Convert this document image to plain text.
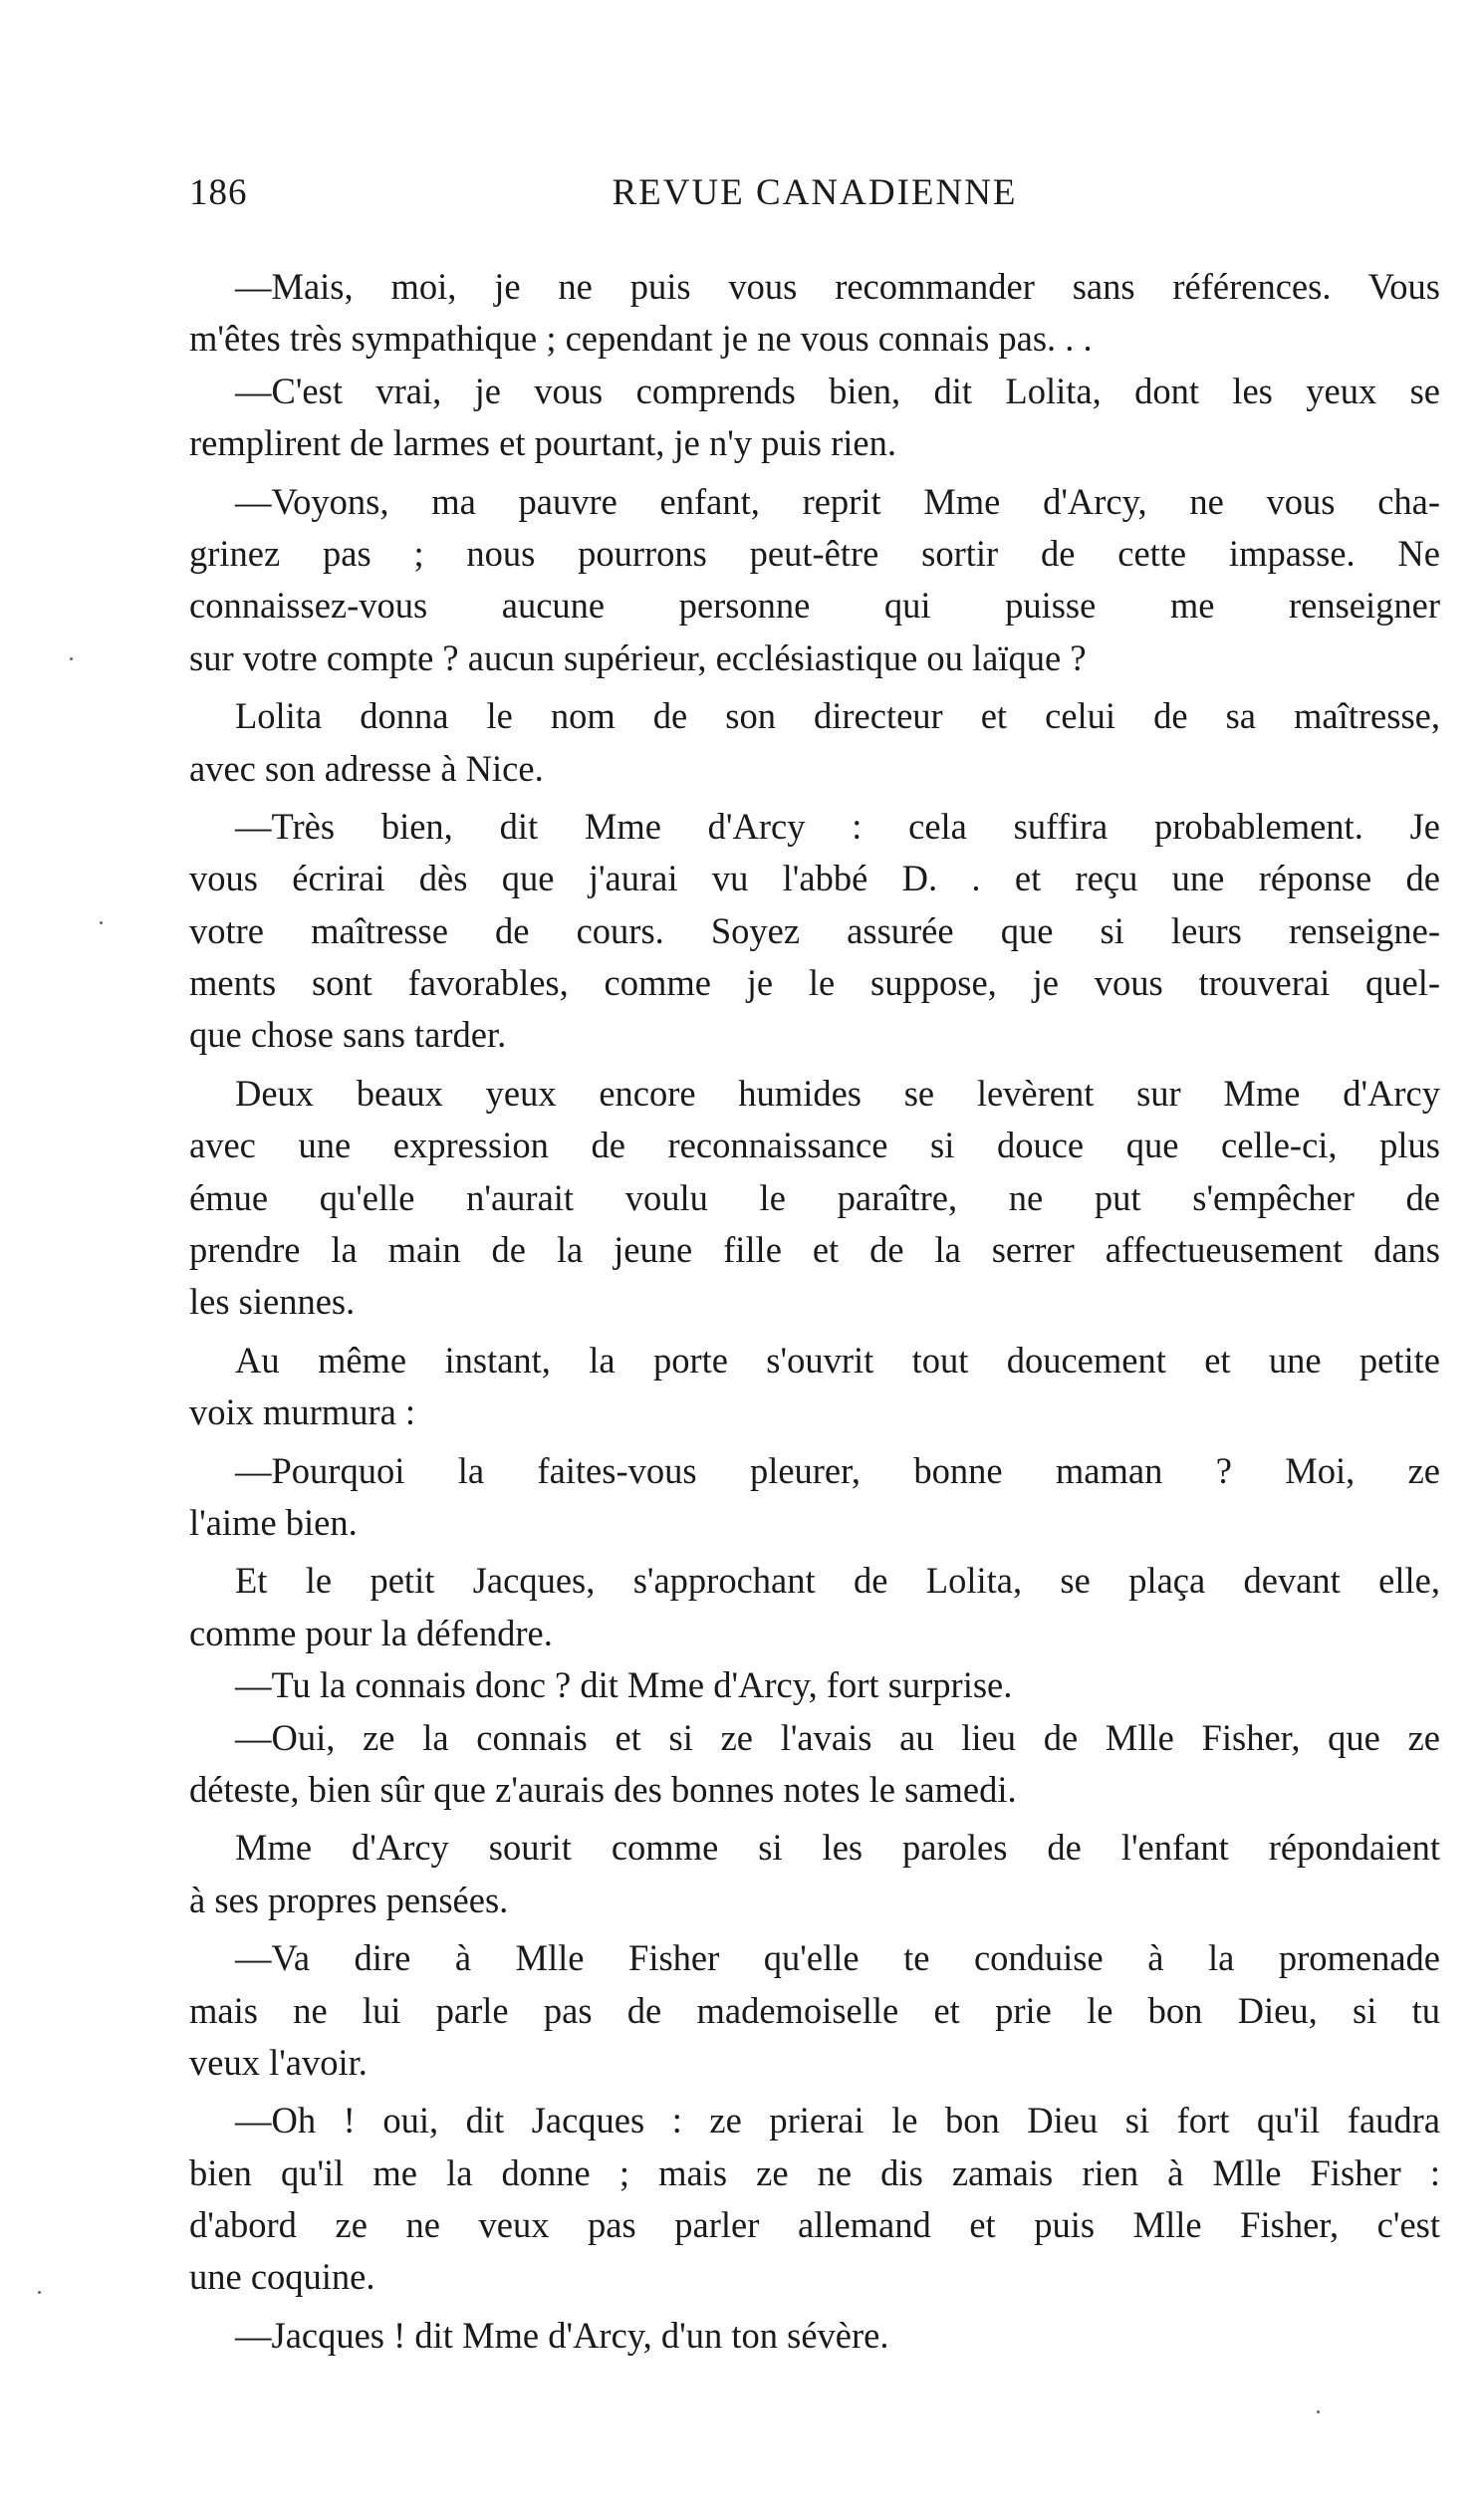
186	REVUE CANADIENNE
—Mais, moi, je ne puis vous recommander sans références. Vous
m'êtes très sympathique ; cependant je ne vous connais pas. . .
—C'est vrai, je vous comprends bien, dit Lolita, dont les yeux se
remplirent de larmes et pourtant, je n'y puis rien.
—Voyons, ma pauvre enfant, reprit Mme d'Arcy, ne vous cha-
grinez pas ; nous pourrons peut-être sortir de cette impasse. Ne
connaissez-vous aucune personne qui puisse me renseigner
sur votre compte ? aucun supérieur, ecclésiastique ou laïque ?
Lolita donna le nom de son directeur et celui de sa maîtresse,
avec son adresse à Nice.
—Très bien, dit Mme d'Arcy : cela suffira probablement. Je
vous écrirai dès que j'aurai vu l'abbé D. . et reçu une réponse de
votre maîtresse de cours. Soyez assurée que si leurs renseigne-
ments sont favorables, comme je le suppose, je vous trouverai quel-
que chose sans tarder.
Deux beaux yeux encore humides se levèrent sur Mme d'Arcy
avec une expression de reconnaissance si douce que celle-ci, plus
émue qu'elle n'aurait voulu le paraître, ne put s'empêcher de
prendre la main de la jeune fille et de la serrer affectueusement dans
les siennes.
Au même instant, la porte s'ouvrit tout doucement et une petite
voix murmura :
—Pourquoi la faites-vous pleurer, bonne maman ? Moi, ze
l'aime bien.
Et le petit Jacques, s'approchant de Lolita, se plaça devant elle,
comme pour la défendre.
—Tu la connais donc ? dit Mme d'Arcy, fort surprise.
—Oui, ze la connais et si ze l'avais au lieu de Mlle Fisher, que ze
déteste, bien sûr que z'aurais des bonnes notes le samedi.
Mme d'Arcy sourit comme si les paroles de l'enfant répondaient
à ses propres pensées.
—Va dire à Mlle Fisher qu'elle te conduise à la promenade
mais ne lui parle pas de mademoiselle et prie le bon Dieu, si tu
veux l'avoir.
—Oh ! oui, dit Jacques : ze prierai le bon Dieu si fort qu'il faudra
bien qu'il me la donne ; mais ze ne dis zamais rien à Mlle Fisher :
d'abord ze ne veux pas parler allemand et puis Mlle Fisher, c'est
une coquine.
—Jacques ! dit Mme d'Arcy, d'un ton sévère.
